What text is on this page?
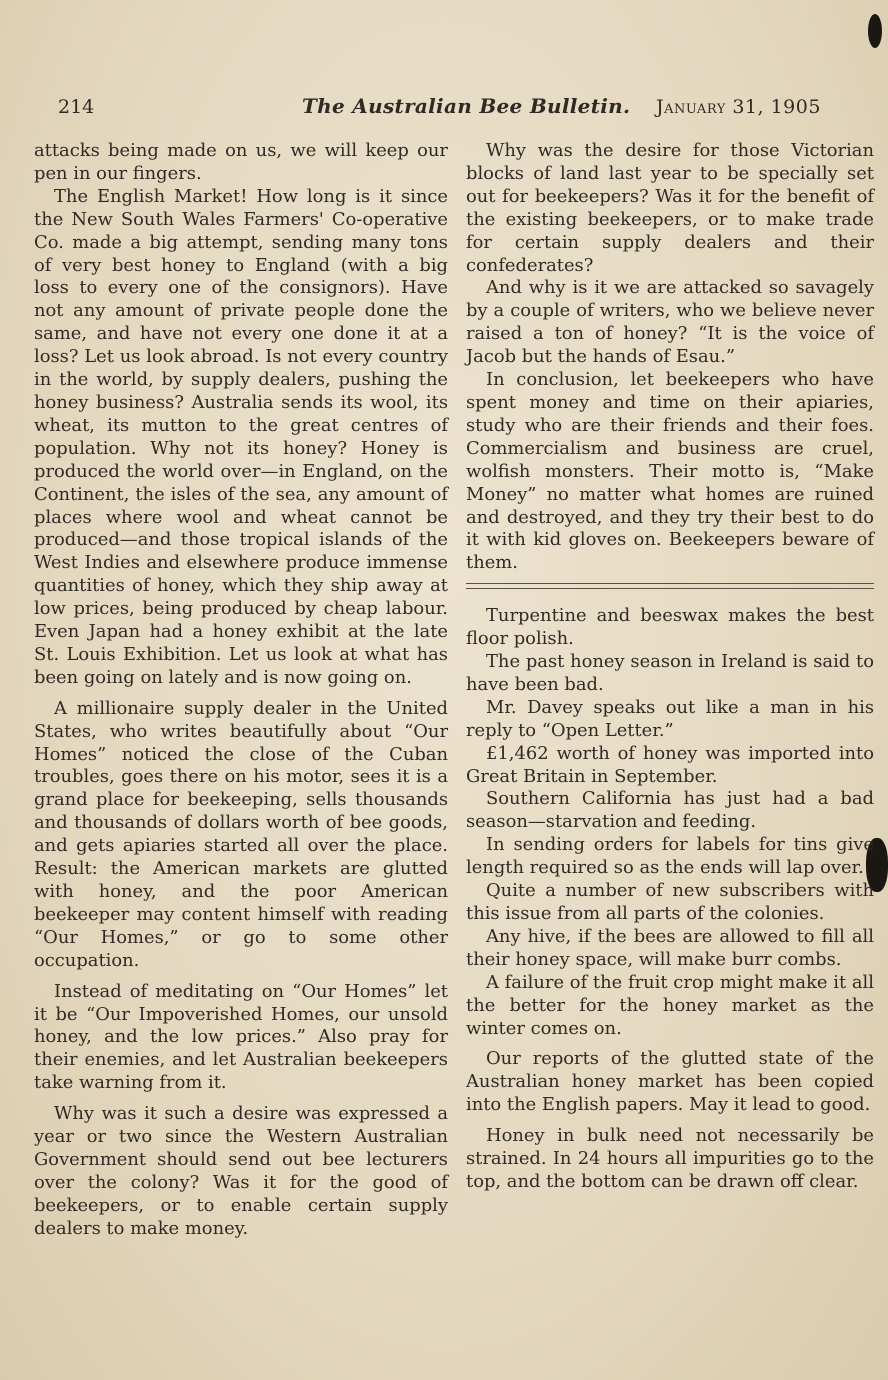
214	The Australian Bee Bulletin. January 31, 1905

attacks being made on us, we will keep our pen in our fingers.

The English Market! How long is it since the New South Wales Farmers' Co-operative Co. made a big attempt, sending many tons of very best honey to England (with a big loss to every one of the consignors). Have not any amount of private people done the same, and have not every one done it at a loss? Let us look abroad. Is not every country in the world, by supply dealers, pushing the honey business? Australia sends its wool, its wheat, its mutton to the great centres of population. Why not its honey? Honey is produced the world over—in England, on the Continent, the isles of the sea, any amount of places where wool and wheat cannot be produced—and those tropical islands of the West Indies and elsewhere produce immense quantities of honey, which they ship away at low prices, being produced by cheap labour. Even Japan had a honey exhibit at the late St. Louis Exhibition. Let us look at what has been going on lately and is now going on.

A millionaire supply dealer in the United States, who writes beautifully about “Our Homes” noticed the close of the Cuban troubles, goes there on his motor, sees it is a grand place for beekeeping, sells thousands and thousands of dollars worth of bee goods, and gets apiaries started all over the place. Result: the American markets are glutted with honey, and the poor American beekeeper may content himself with reading “Our Homes,” or go to some other occupation.

Instead of meditating on “Our Homes” let it be “Our Impoverished Homes, our unsold honey, and the low prices.” Also pray for their enemies, and let Australian beekeepers take warning from it.

Why was it such a desire was expressed a year or two since the Western Australian Government should send out bee lecturers over the colony? Was it for the good of beekeepers, or to enable certain supply dealers to make money.

Why was the desire for those Victorian blocks of land last year to be specially set out for beekeepers? Was it for the benefit of the existing beekeepers, or to make trade for certain supply dealers and their confederates?

And why is it we are attacked so savagely by a couple of writers, who we believe never raised a ton of honey? “It is the voice of Jacob but the hands of Esau.”

In conclusion, let beekeepers who have spent money and time on their apiaries, study who are their friends and their foes. Commercialism and business are cruel, wolfish monsters. Their motto is, “Make Money” no matter what homes are ruined and destroyed, and they try their best to do it with kid gloves on. Beekeepers beware of them.

Turpentine and beeswax makes the best floor polish.

The past honey season in Ireland is said to have been bad.

Mr. Davey speaks out like a man in his reply to “Open Letter.”

£1,462 worth of honey was imported into Great Britain in September.

Southern California has just had a bad season—starvation and feeding.

In sending orders for labels for tins give length required so as the ends will lap over.

Quite a number of new subscribers with this issue from all parts of the colonies.

Any hive, if the bees are allowed to fill all their honey space, will make burr combs.

A failure of the fruit crop might make it all the better for the honey market as the winter comes on.

Our reports of the glutted state of the Australian honey market has been copied into the English papers. May it lead to good.

Honey in bulk need not necessarily be strained. In 24 hours all impurities go to the top, and the bottom can be drawn off clear.
